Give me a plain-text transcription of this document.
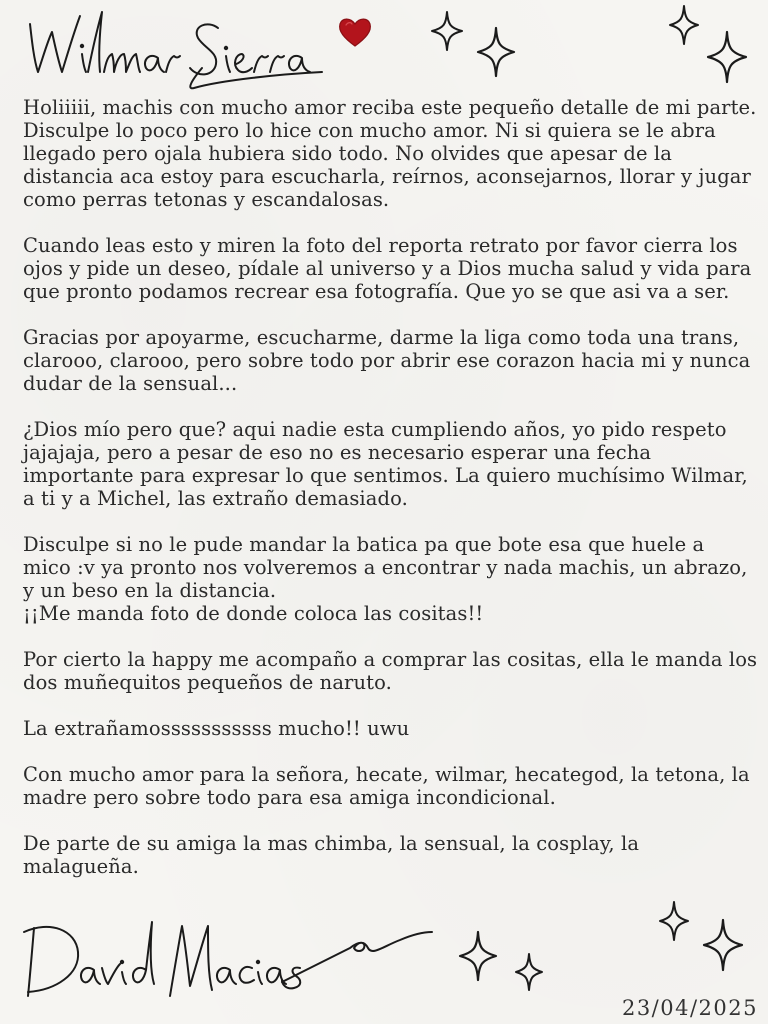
Holiiiii, machis con mucho amor reciba este pequeño detalle de mi parte. Disculpe lo poco pero lo hice con mucho amor. Ni si quiera se le abra llegado pero ojala hubiera sido todo. No olvides que apesar de la distancia aca estoy para escucharla, reírnos, aconsejarnos, llorar y jugar como perras tetonas y escandalosas.

Cuando leas esto y miren la foto del reporta retrato por favor cierra los ojos y pide un deseo, pídale al universo y a Dios mucha salud y vida para que pronto podamos recrear esa fotografía. Que yo se que asi va a ser.

Gracias por apoyarme, escucharme, darme la liga como toda una trans, clarooo, clarooo, pero sobre todo por abrir ese corazon hacia mi y nunca dudar de la sensual...

¿Dios mío pero que? aqui nadie esta cumpliendo años, yo pido respeto jajajaja, pero a pesar de eso no es necesario esperar una fecha importante para expresar lo que sentimos. La quiero muchísimo Wilmar, a ti y a Michel, las extraño demasiado.

Disculpe si no le pude mandar la batica pa que bote esa que huele a mico :v ya pronto nos volveremos a encontrar y nada machis, un abrazo, y un beso en la distancia.
¡¡Me manda foto de donde coloca las cositas!!

Por cierto la happy me acompaño a comprar las cositas, ella le manda los dos muñequitos pequeños de naruto.

La extrañamosssssssssss mucho!! uwu

Con mucho amor para la señora, hecate, wilmar, hecategod, la tetona, la madre pero sobre todo para esa amiga incondicional.

De parte de su amiga la mas chimba, la sensual, la cosplay, la malagueña.

23/04/2025
